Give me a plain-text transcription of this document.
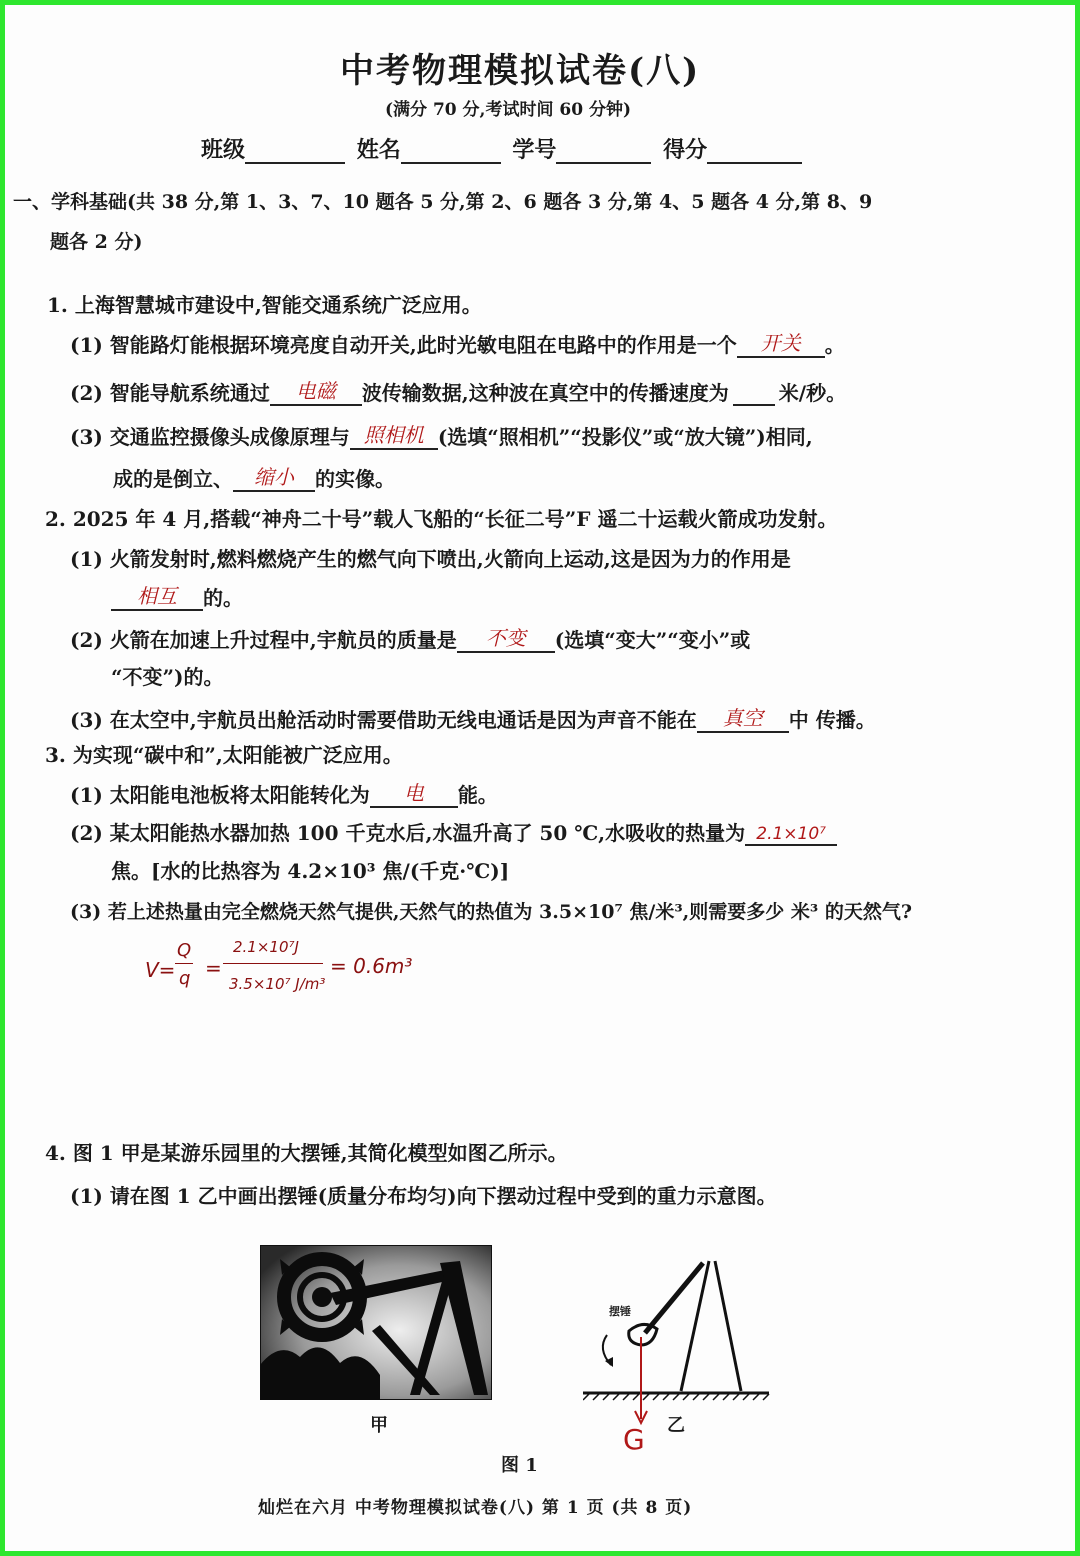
中考物理模拟试卷(八)
(满分 70 分,考试时间 60 分钟)
班级	姓名	学号	得分
一、学科基础(共 38 分,第 1、3、7、10 题各 5 分,第 2、6 题各 3 分,第 4、5 题各 4 分,第 8、9
题各 2 分)
1. 上海智慧城市建设中,智能交通系统广泛应用。
(1) 智能路灯能根据环境亮度自动开关,此时光敏电阻在电路中的作用是一个 开关 。
(2) 智能导航系统通过 电磁 波传输数据,这种波在真空中的传播速度为	米/秒。
(3) 交通监控摄像头成像原理与 照相机 (选填“照相机”“投影仪”或“放大镜”)相同,
成的是倒立、 缩小 的实像。
2. 2025 年 4 月,搭载“神舟二十号”载人飞船的“长征二号”F 遥二十运载火箭成功发射。
(1) 火箭发射时,燃料燃烧产生的燃气向下喷出,火箭向上运动,这是因为力的作用是
相互 的。
(2) 火箭在加速上升过程中,宇航员的质量是 不变 (选填“变大”“变小”或
“不变”)的。
(3) 在太空中,宇航员出舱活动时需要借助无线电通话是因为声音不能在 真空 中 传播。
3. 为实现“碳中和”,太阳能被广泛应用。
(1) 太阳能电池板将太阳能转化为 电 能。
(2) 某太阳能热水器加热 100 千克水后,水温升高了 50 ℃,水吸收的热量为 2.1×10⁷
焦。[水的比热容为 4.2×10³ 焦/(千克·℃)]
(3) 若上述热量由完全燃烧天然气提供,天然气的热值为 3.5×10⁷ 焦/米³,则需要多少 米³ 的天然气?
V=
Q
q =
2.1×10⁷J
3.5×10⁷ J/m³
= 0.6m³
4. 图 1 甲是某游乐园里的大摆锤,其简化模型如图乙所示。
(1) 请在图 1 乙中画出摆锤(质量分布均匀)向下摆动过程中受到的重力示意图。
摆锤
G
甲	乙
图 1
灿烂在六月 中考物理模拟试卷(八) 第 1 页 (共 8 页)
